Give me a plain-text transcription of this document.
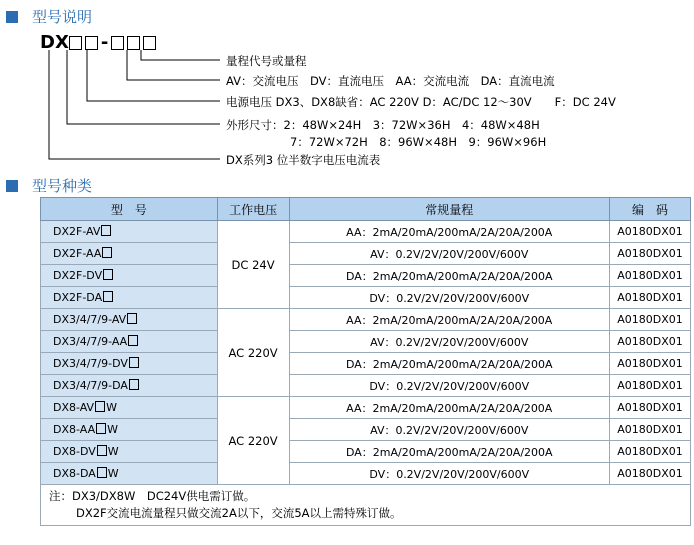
型号说明
DX -
量程代号或量程
AV：交流电压　DV：直流电压　AA：交流电流　DA：直流电流
电源电压 DX3、DX8缺省：AC 220V D：AC/DC 12～30V　　F：DC 24V
外形尺寸：2：48W×24H　3：72W×36H　4：48W×48H
7：72W×72H　8：96W×48H　9：96W×96H
DX系列3 位半数字电压电流表
型号种类
型　号	工作电压	常规量程	编　码
DX2F-AV	DC 24V	AA：2mA/20mA/200mA/2A/20A/200A	A0180DX01
DX2F-AA		AV：0.2V/2V/20V/200V/600V	A0180DX01
DX2F-DV		DA：2mA/20mA/200mA/2A/20A/200A	A0180DX01
DX2F-DA		DV：0.2V/2V/20V/200V/600V	A0180DX01
DX3/4/7/9-AV	AC 220V	AA：2mA/20mA/200mA/2A/20A/200A	A0180DX01
DX3/4/7/9-AA		AV：0.2V/2V/20V/200V/600V	A0180DX01
DX3/4/7/9-DV		DA：2mA/20mA/200mA/2A/20A/200A	A0180DX01
DX3/4/7/9-DA		DV：0.2V/2V/20V/200V/600V	A0180DX01
DX8-AV W	AC 220V	AA：2mA/20mA/200mA/2A/20A/200A	A0180DX01
DX8-AA W		AV：0.2V/2V/20V/200V/600V	A0180DX01
DX8-DV W		DA：2mA/20mA/200mA/2A/20A/200A	A0180DX01
DX8-DA W		DV：0.2V/2V/20V/200V/600V	A0180DX01

注：DX3/DX8W　DC24V供电需订做。
DX2F交流电流量程只做交流2A以下，交流5A以上需特殊订做。			
